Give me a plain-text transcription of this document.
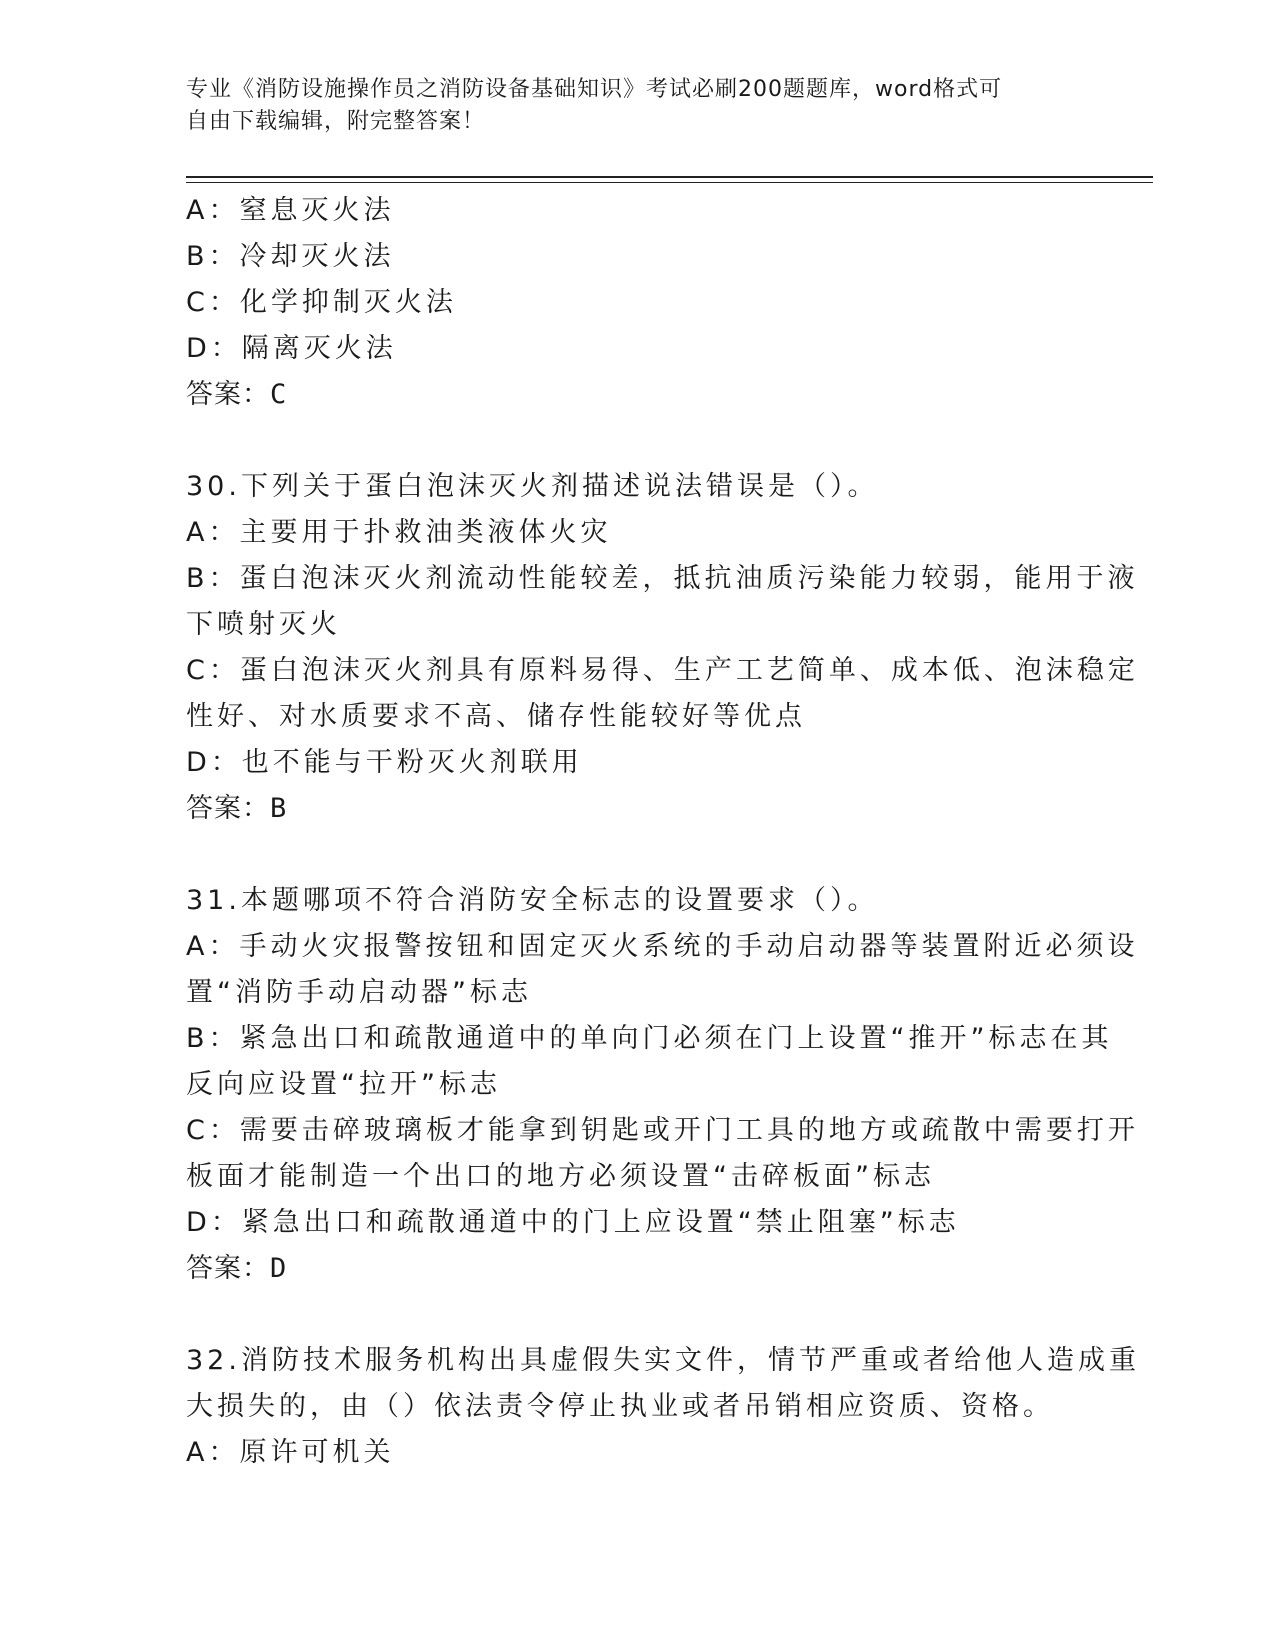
专业《消防设施操作员之消防设备基础知识》考试必刷200题题库，word格式可
自由下载编辑，附完整答案！
A：窒息灭火法
B：冷却灭火法
C：化学抑制灭火法
D：隔离灭火法
答案：C
30.下列关于蛋白泡沫灭火剂描述说法错误是（）。
A：主要用于扑救油类液体火灾
B：蛋白泡沫灭火剂流动性能较差，抵抗油质污染能力较弱，能用于液
下喷射灭火
C：蛋白泡沫灭火剂具有原料易得、生产工艺简单、成本低、泡沫稳定
性好、对水质要求不高、储存性能较好等优点
D：也不能与干粉灭火剂联用
答案：B
31.本题哪项不符合消防安全标志的设置要求（）。
A：手动火灾报警按钮和固定灭火系统的手动启动器等装置附近必须设
置“消防手动启动器”标志
B：紧急出口和疏散通道中的单向门必须在门上设置“推开”标志在其
反向应设置“拉开”标志
C：需要击碎玻璃板才能拿到钥匙或开门工具的地方或疏散中需要打开
板面才能制造一个出口的地方必须设置“击碎板面”标志
D：紧急出口和疏散通道中的门上应设置“禁止阻塞”标志
答案：D
32.消防技术服务机构出具虚假失实文件，情节严重或者给他人造成重
大损失的，由（）依法责令停止执业或者吊销相应资质、资格。
A：原许可机关
